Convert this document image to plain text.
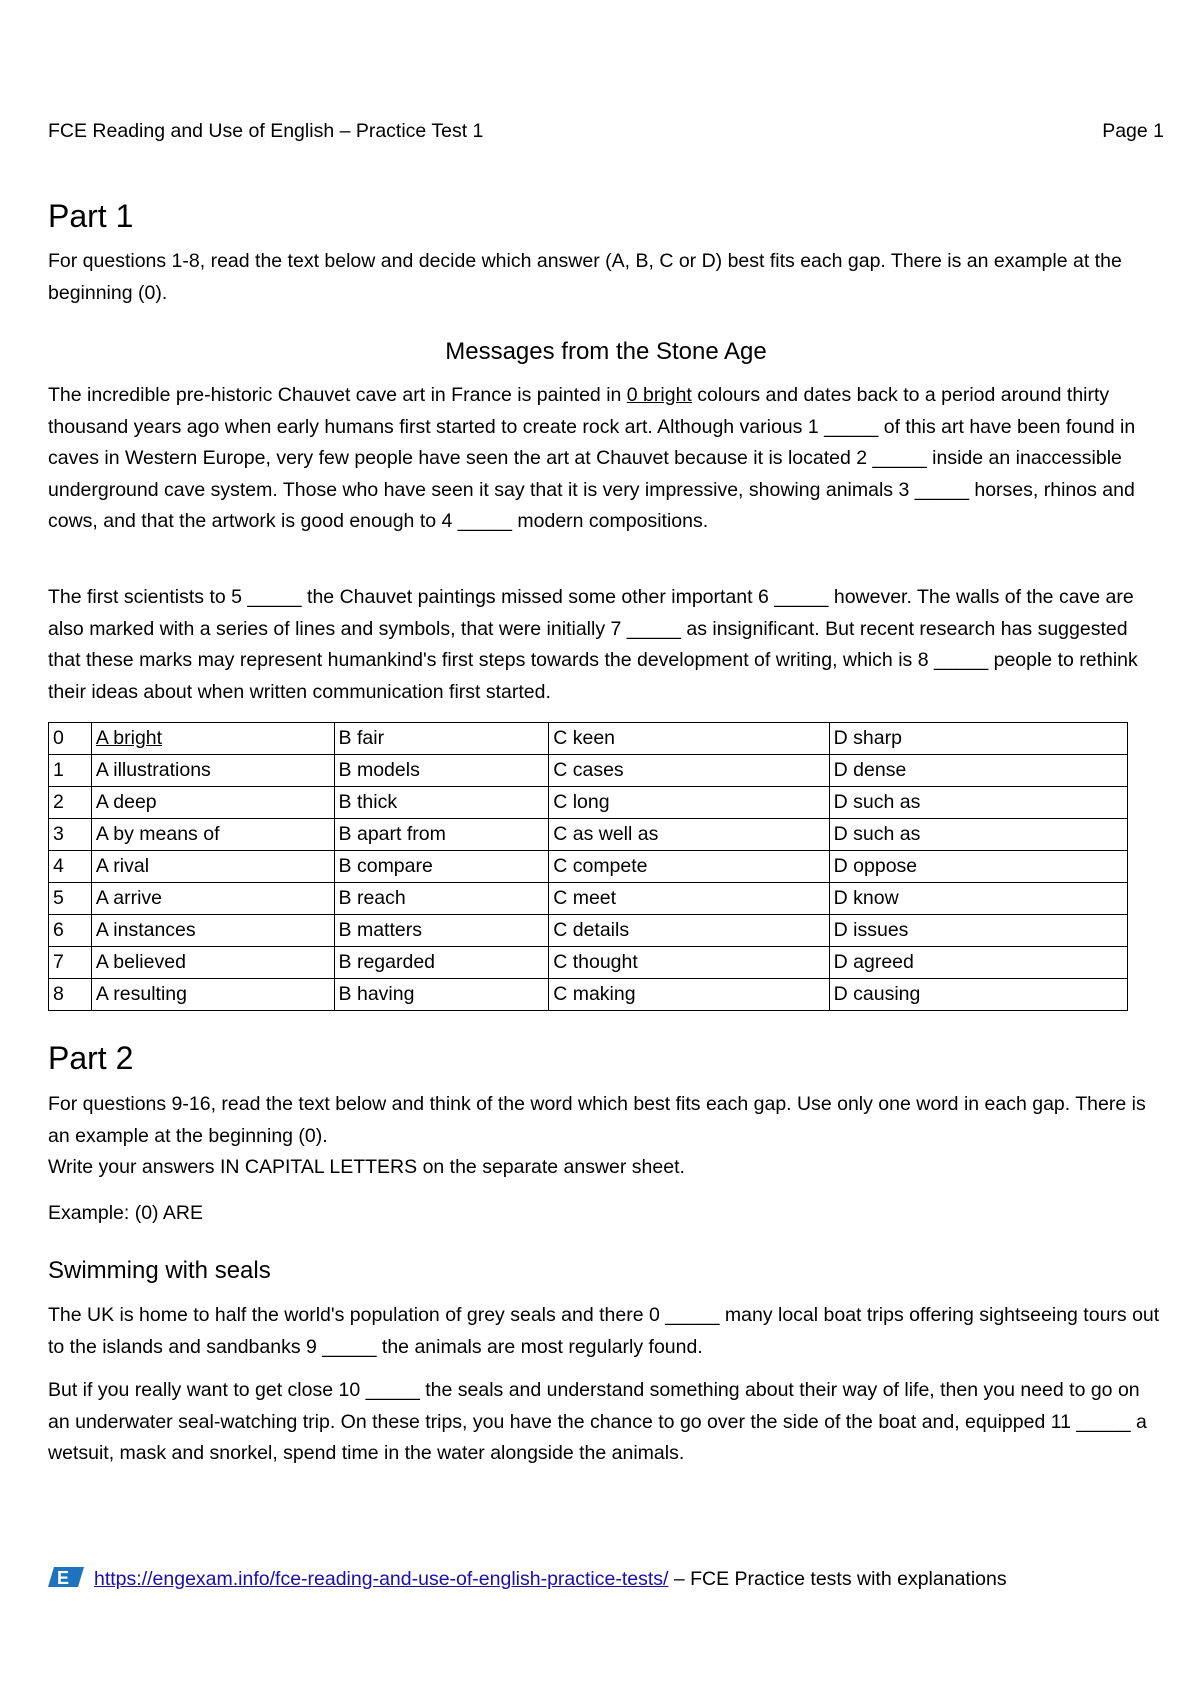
FCE Reading and Use of English – Practice Test 1	Page 1
Part 1

For questions 1-8, read the text below and decide which answer (A, B, C or D) best fits each gap. There is an example at the beginning (0).

Messages from the Stone Age

The incredible pre-historic Chauvet cave art in France is painted in 0 bright colours and dates back to a period around thirty thousand years ago when early humans first started to create rock art. Although various 1 _____ of this art have been found in caves in Western Europe, very few people have seen the art at Chauvet because it is located 2 _____ inside an inaccessible underground cave system. Those who have seen it say that it is very impressive, showing animals 3 _____ horses, rhinos and cows, and that the artwork is good enough to 4 _____ modern compositions.

The first scientists to 5 _____ the Chauvet paintings missed some other important 6 _____ however. The walls of the cave are also marked with a series of lines and symbols, that were initially 7 _____ as insignificant. But recent research has suggested that these marks may represent humankind's first steps towards the development of writing, which is 8 _____ people to rethink their ideas about when written communication first started.

0	A bright	B fair	C keen	D sharp
1	A illustrations	B models	C cases	D dense
2	A deep	B thick	C long	D such as
3	A by means of	B apart from	C as well as	D such as
4	A rival	B compare	C compete	D oppose
5	A arrive	B reach	C meet	D know
6	A instances	B matters	C details	D issues
7	A believed	B regarded	C thought	D agreed
8	A resulting	B having	C making	D causing
Part 2

For questions 9-16, read the text below and think of the word which best fits each gap. Use only one word in each gap. There is an example at the beginning (0).

Write your answers IN CAPITAL LETTERS on the separate answer sheet.

Example: (0) ARE

Swimming with seals

The UK is home to half the world's population of grey seals and there 0 _____ many local boat trips offering sightseeing tours out to the islands and sandbanks 9 _____ the animals are most regularly found.

But if you really want to get close 10 _____ the seals and understand something about their way of life, then you need to go on an underwater seal-watching trip. On these trips, you have the chance to go over the side of the boat and, equipped 11 _____ a wetsuit, mask and snorkel, spend time in the water alongside the animals.

E https://engexam.info/fce-reading-and-use-of-english-practice-tests/ – FCE Practice tests with explanations
